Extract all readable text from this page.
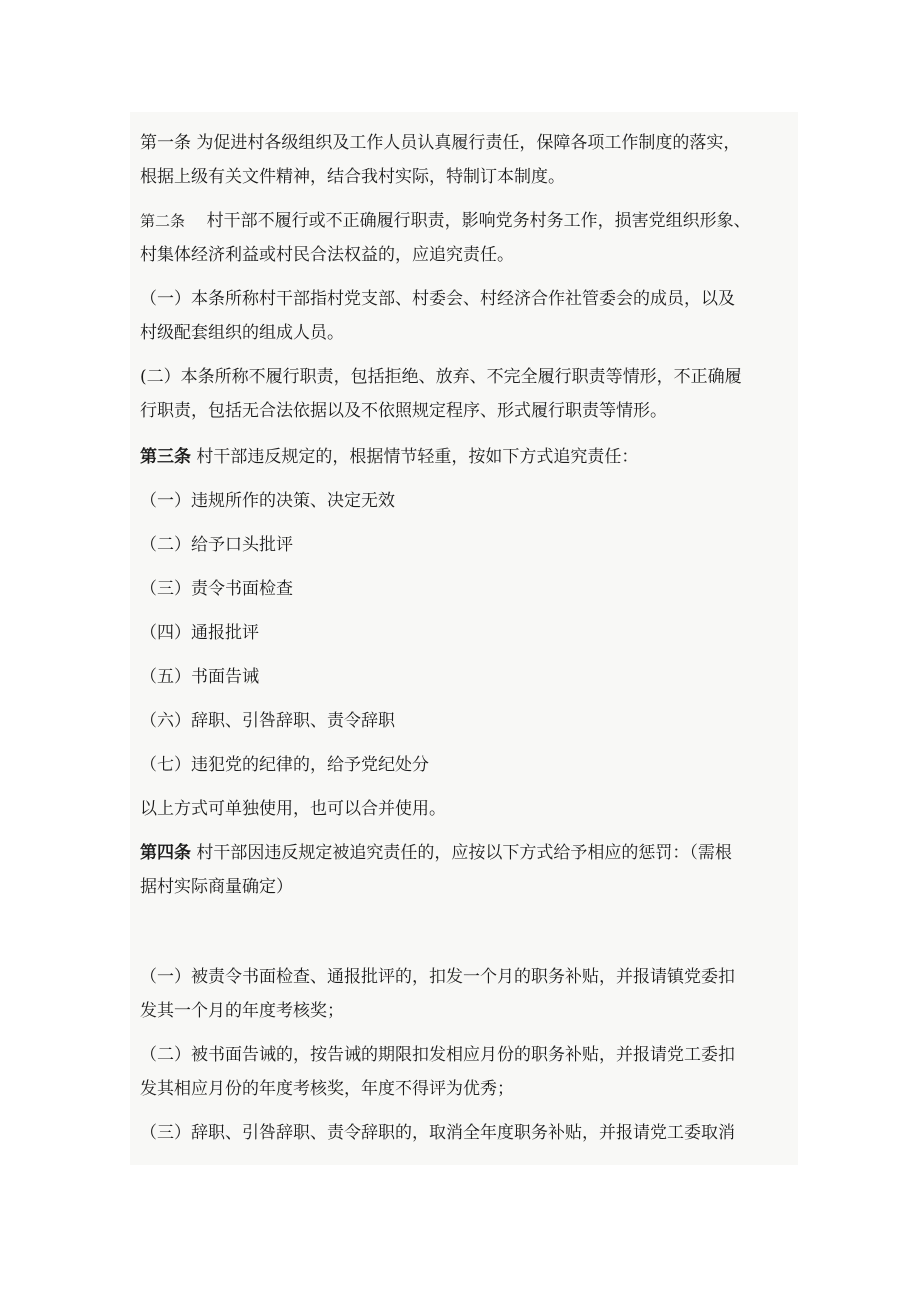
第一条 为促进村各级组织及工作人员认真履行责任，保障各项工作制度的落实，
根据上级有关文件精神，结合我村实际，特制订本制度。
第二条 村干部不履行或不正确履行职责，影响党务村务工作，损害党组织形象、
村集体经济利益或村民合法权益的，应追究责任。
（一）本条所称村干部指村党支部、村委会、村经济合作社管委会的成员，以及
村级配套组织的组成人员。
(二）本条所称不履行职责，包括拒绝、放弃、不完全履行职责等情形，不正确履
行职责，包括无合法依据以及不依照规定程序、形式履行职责等情形。
第三条 村干部违反规定的，根据情节轻重，按如下方式追究责任：
（一）违规所作的决策、决定无效
（二）给予口头批评
（三）责令书面检查
（四）通报批评
（五）书面告诫
（六）辞职、引咎辞职、责令辞职
（七）违犯党的纪律的，给予党纪处分
以上方式可单独使用，也可以合并使用。
第四条 村干部因违反规定被追究责任的，应按以下方式给予相应的惩罚：（需根
据村实际商量确定）
（一）被责令书面检查、通报批评的，扣发一个月的职务补贴，并报请镇党委扣
发其一个月的年度考核奖；
（二）被书面告诫的，按告诫的期限扣发相应月份的职务补贴，并报请党工委扣
发其相应月份的年度考核奖，年度不得评为优秀；
（三）辞职、引咎辞职、责令辞职的，取消全年度职务补贴，并报请党工委取消
